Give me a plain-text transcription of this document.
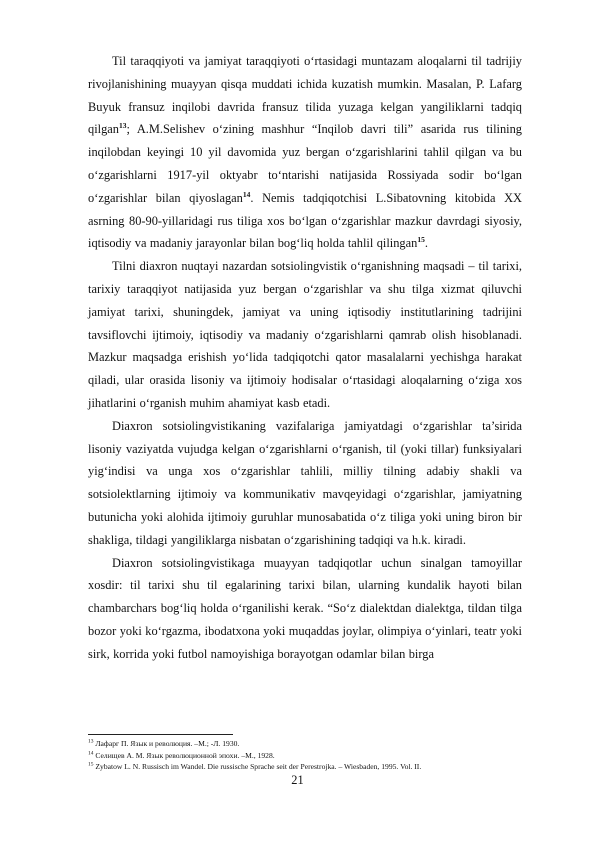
Til taraqqiyoti va jamiyat taraqqiyoti o‘rtasidagi muntazam aloqalarni til tadrijiy rivojlanishining muayyan qisqa muddati ichida kuzatish mumkin. Masalan, P. Lafarg Buyuk fransuz inqilobi davrida fransuz tilida yuzaga kelgan yangiliklarni tadqiq qilgan$^{13}$; A.M.Selishev o‘zining mashhur “Inqilob davri tili” asarida rus tilining inqilobdan keyingi 10 yil davomida yuz bergan o‘zgarishlarini tahlil qilgan va bu o‘zgarishlarni 1917-yil oktyabr to‘ntarishi natijasida Rossiyada sodir bo‘lgan o‘zgarishlar bilan qiyoslagan$^{14}$. Nemis tadqiqotchisi L.Sibatovning kitobida XX asrning 80-90-yillaridagi rus tiliga xos bo‘lgan o‘zgarishlar mazkur davrdagi siyosiy, iqtisodiy va madaniy jarayonlar bilan bog‘liq holda tahlil qilingan$^{15}$.

Tilni diaxron nuqtayi nazardan sotsiolingvistik o‘rganishning maqsadi – til tarixi, tarixiy taraqqiyot natijasida yuz bergan o‘zgarishlar va shu tilga xizmat qiluvchi jamiyat tarixi, shuningdek, jamiyat va uning iqtisodiy institutlarining tadrijini tavsiflovchi ijtimoiy, iqtisodiy va madaniy o‘zgarishlarni qamrab olish hisoblanadi. Mazkur maqsadga erishish yo‘lida tadqiqotchi qator masalalarni yechishga harakat qiladi, ular orasida lisoniy va ijtimoiy hodisalar o‘rtasidagi aloqalarning o‘ziga xos jihatlarini o‘rganish muhim ahamiyat kasb etadi.

Diaxron sotsiolingvistikaning vazifalariga jamiyatdagi o‘zgarishlar ta’sirida lisoniy vaziyatda vujudga kelgan o‘zgarishlarni o‘rganish, til (yoki tillar) funksiyalari yig‘indisi va unga xos o‘zgarishlar tahlili, milliy tilning adabiy shakli va sotsiolektlarning ijtimoiy va kommunikativ mavqeyidagi o‘zgarishlar, jamiyatning butunicha yoki alohida ijtimoiy guruhlar munosabatida o‘z tiliga yoki uning biron bir shakliga, tildagi yangiliklarga nisbatan o‘zgarishining tadqiqi va h.k. kiradi.

Diaxron sotsiolingvistikaga muayyan tadqiqotlar uchun sinalgan tamoyillar xosdir: til tarixi shu til egalarining tarixi bilan, ularning kundalik hayoti bilan chambarchars bog‘liq holda o‘rganilishi kerak. “So‘z dialektdan dialektga, tildan tilga bozor yoki ko‘rgazma, ibodatxona yoki muqaddas joylar, olimpiya o‘yinlari, teatr yoki sirk, korrida yoki futbol namoyishiga borayotgan odamlar bilan birga

$^{13}$ Лафарг П. Язык и революция. –М.; -Л. 1930.
$^{14}$ Селищев А. М. Язык революционной эпохи. –М., 1928.
$^{15}$ Zybatow L. N. Russisch im Wandel. Die russische Sprache seit der Perestrojka. – Wiesbaden, 1995. Vol. II.
21
